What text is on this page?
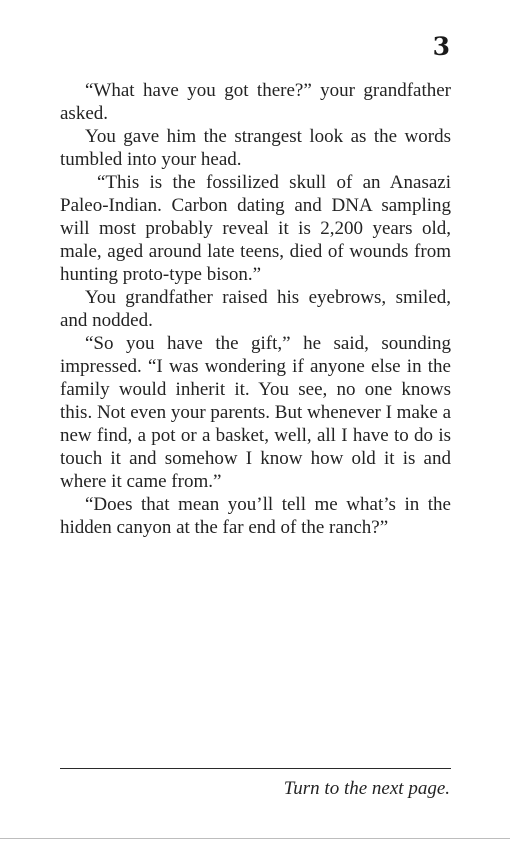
3

“What have you got there?” your grandfather asked.

You gave him the strangest look as the words tumbled into your head.

“This is the fossilized skull of an Anasazi Paleo-Indian. Carbon dating and DNA sampling will most probably reveal it is 2,200 years old, male, aged around late teens, died of wounds from hunting proto-type bison.”

You grandfather raised his eyebrows, smiled, and nodded.

“So you have the gift,” he said, sounding impressed. “I was wondering if anyone else in the family would inherit it. You see, no one knows this. Not even your parents. But whenever I make a new find, a pot or a basket, well, all I have to do is touch it and somehow I know how old it is and where it came from.”

“Does that mean you’ll tell me what’s in the hidden canyon at the far end of the ranch?”

Turn to the next page.
